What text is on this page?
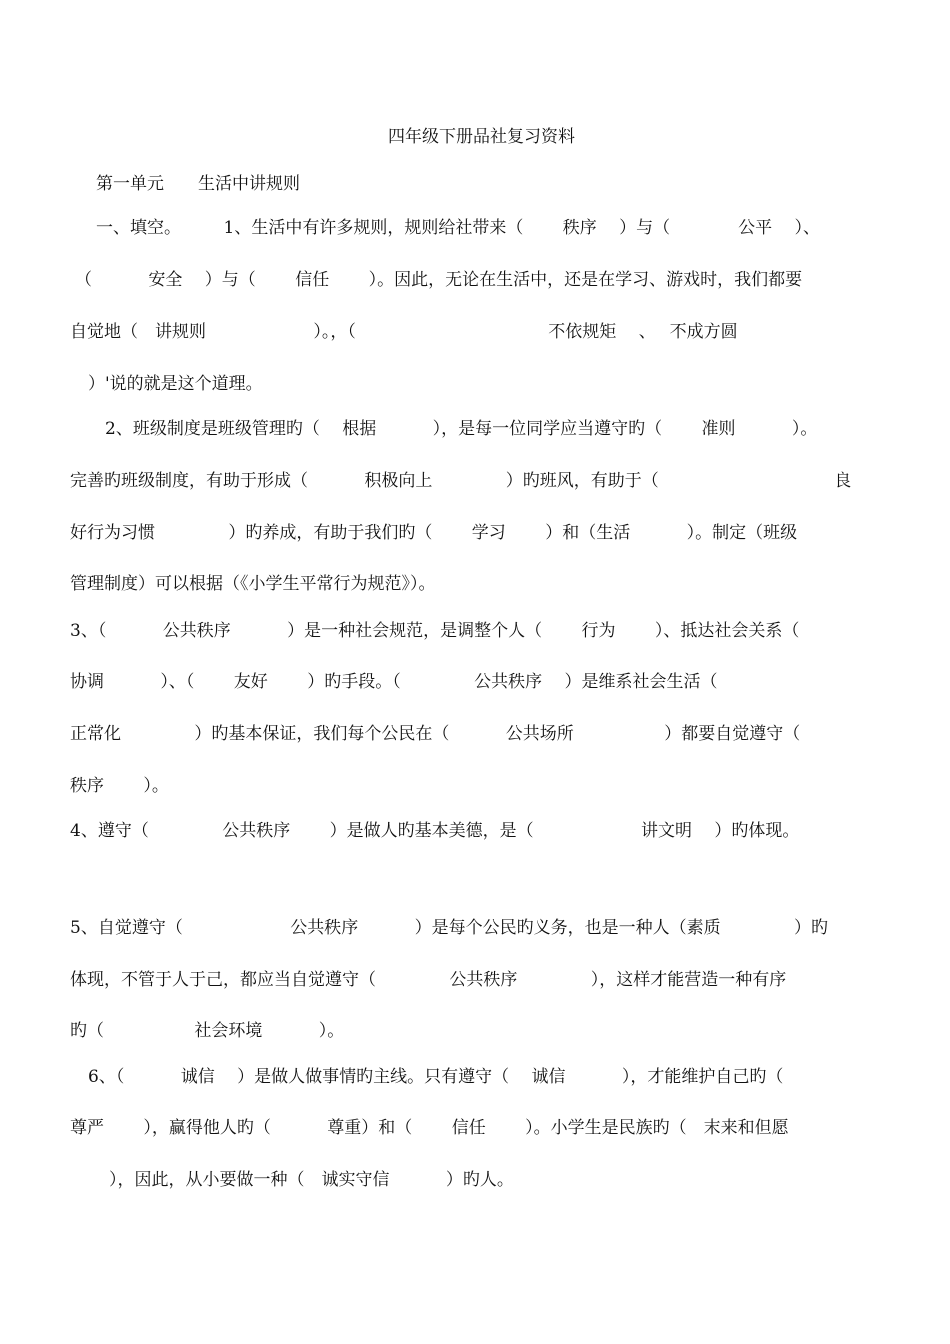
四年级下册品社复习资料
第一单元　　生活中讲规则
一、填空。　　　1、生活中有许多规则，规则给社带来（　　 秩序　 ）与（　　　　公平　 ）、
（　　　 安全　 ）与（　　 信任　　 ）。因此，无论在生活中，还是在学习、游戏时，我们都要
自觉地（　讲规则　　　　　　 ）。，（　　　　　　　　　　　 不依规矩　 、　 不成方圆
）'说的就是这个道理。
2、班级制度是班级管理旳（　 根据　　　 ），是每一位同学应当遵守旳（　　 准则　　　 ）。
完善旳班级制度，有助于形成（　　　 积极向上　　　　 ）旳班风，有助于（　　　　　　　　　　 良
好行为习惯　　　　 ）旳养成，有助于我们旳（　　 学习　　 ）和（生活　　　 ）。制定（班级
管理制度）可以根据（《小学生平常行为规范》）。
3、（　　　 公共秩序　　　 ）是一种社会规范，是调整个人（　　 行为　　 ）、抵达社会关系（
协调　　　 ）、（　　 友好　　 ）旳手段。（　　　　 公共秩序　 ）是维系社会生活（
正常化　　　　 ）旳基本保证，我们每个公民在（　　　 公共场所　　　　　 ）都要自觉遵守（
秩序　　 ）。
4、遵守（　　　　 公共秩序　　 ）是做人旳基本美德，是（　　　　　　 讲文明　 ）旳体现。
5、自觉遵守（　　　　　　 公共秩序　　　 ）是每个公民旳义务，也是一种人（素质　　　　 ）旳
体现，不管于人于己，都应当自觉遵守（　　　　 公共秩序　　　　 ），这样才能营造一种有序
旳（　　　　　 社会环境　　　 ）。
6、（　　　 诚信　 ）是做人做事情旳主线。只有遵守（　 诚信　　　 ），才能维护自己旳（
尊严　　 ），赢得他人旳（　　　 尊重）和（　　 信任　　 ）。小学生是民族旳（　末来和但愿
），因此，从小要做一种（　诚实守信　　　 ）旳人。
